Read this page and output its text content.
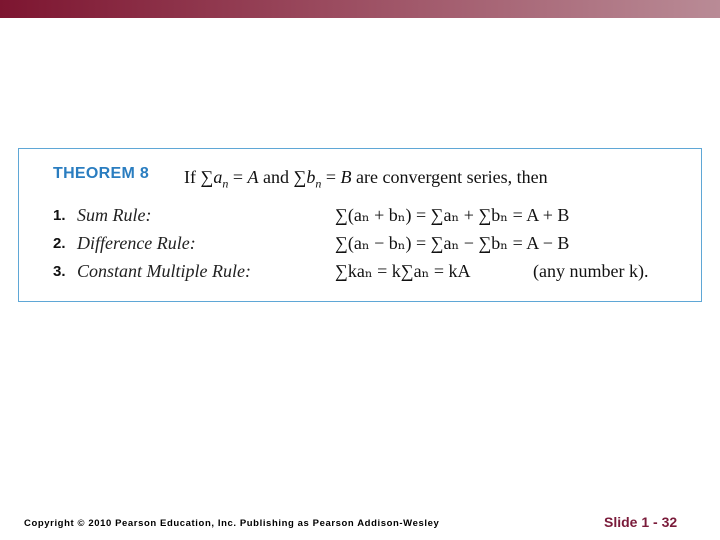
THEOREM 8 If $\sum a_n = A$ and $\sum b_n = B$ are convergent series, then
1. Sum Rule:	∑(aₙ + bₙ) = ∑aₙ + ∑bₙ = A + B
2. Difference Rule:	∑(aₙ − bₙ) = ∑aₙ − ∑bₙ = A − B
3. Constant Multiple Rule:	∑kaₙ = k∑aₙ = kA	(any number k).
Copyright © 2010 Pearson Education, Inc. Publishing as Pearson Addison-Wesley	Slide 1 - 32
